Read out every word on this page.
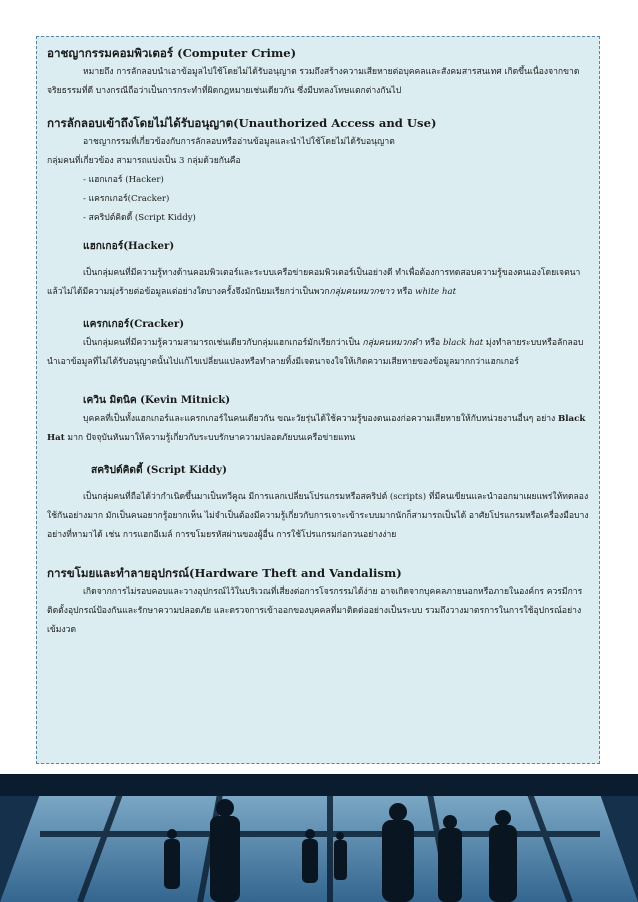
อาชญากรรมคอมพิวเตอร์ (Computer Crime)

หมายถึง การลักลอบนำเอาข้อมูลไปใช้โดยไม่ได้รับอนุญาต รวมถึงสร้างความเสียหายต่อบุคคลและสังคมสารสนเทศ เกิดขึ้นเนื่องจากขาด จริยธรรมที่ดี บางกรณีถือว่าเป็นการกระทำที่ผิดกฎหมายเช่นเดียวกัน ซึ่งมีบทลงโทษแตกต่างกันไป

การลักลอบเข้าถึงโดยไม่ได้รับอนุญาต(Unauthorized Access and Use)

อาชญากรรมที่เกี่ยวข้องกับการลักลอบหรืออ่านข้อมูลและนำไปใช้โดยไม่ได้รับอนุญาต

กลุ่มคนที่เกี่ยวข้อง สามารถแบ่งเป็น 3 กลุ่มด้วยกันคือ

- แฮกเกอร์ (Hacker)
- แครกเกอร์(Cracker)
- สคริปต์คิดดี้ (Script Kiddy)
แฮกเกอร์(Hacker)

เป็นกลุ่มคนที่มีความรู้ทางด้านคอมพิวเตอร์และระบบเครือข่ายคอมพิวเตอร์เป็นอย่างดี ทำเพื่อต้องการทดสอบความรู้ของตนเองโดยเจตนาแล้วไม่ได้มีความมุ่งร้ายต่อข้อมูลแต่อย่างใดบางครั้งจึงมักนิยมเรียกว่าเป็นพวกกลุ่มคนหมวกขาว หรือ white hat

แครกเกอร์(Cracker)

เป็นกลุ่มคนที่มีความรู้ความสามารถเช่นเดียวกับกลุ่มแฮกเกอร์มักเรียกว่าเป็น กลุ่มคนหมวกดำ หรือ black hat มุ่งทำลายระบบหรือลักลอบนำเอาข้อมูลที่ไม่ได้รับอนุญาตนั้นไปแก้ไขเปลี่ยนแปลงหรือทำลายทิ้งมีเจตนาจงใจให้เกิดความเสียหายของข้อมูลมากกว่าแฮกเกอร์

เควิน มิตนิค (Kevin Mitnick)

บุคคลที่เป็นทั้งแฮกเกอร์และแครกเกอร์ในคนเดียวกัน ขณะวัยรุ่นได้ใช้ความรู้ของตนเองก่อความเสียหายให้กับหน่วยงานอื่นๆ อย่าง Black Hat มาก ปัจจุบันหันมาให้ความรู้เกี่ยวกับระบบรักษาความปลอดภัยบนเครือข่ายแทน

สคริปต์คิดดี้ (Script Kiddy)

เป็นกลุ่มคนที่ถือได้ว่ากำเนิดขึ้นมาเป็นทวีคูณ มีการแลกเปลี่ยนโปรแกรมหรือสคริปต์ (scripts) ที่มีคนเขียนและนำออกมาเผยแพร่ให้ทดลองใช้กันอย่างมาก มักเป็นคนอยากรู้อยากเห็น ไม่จำเป็นต้องมีความรู้เกี่ยวกับการเจาะเข้าระบบมากนักก็สามารถเป็นได้ อาศัยโปรแกรมหรือเครื่องมือบางอย่างที่หามาได้ เช่น การแฮกอีเมล์ การขโมยรหัสผ่านของผู้อื่น การใช้โปรแกรมก่อกวนอย่างง่าย

การขโมยและทำลายอุปกรณ์(Hardware Theft and Vandalism)

เกิดจากการไม่รอบคอบและวางอุปกรณ์ไว้ในบริเวณที่เสี่ยงต่อการโจรกรรมได้ง่าย อาจเกิดจากบุคคลภายนอกหรือภายในองค์กร ควรมีการติดตั้งอุปกรณ์ป้องกันและรักษาความปลอดภัย และตรวจการเข้าออกของบุคคลที่มาติดต่ออย่างเป็นระบบ รวมถึงวางมาตรการในการใช้อุปกรณ์อย่างเข้มงวด
